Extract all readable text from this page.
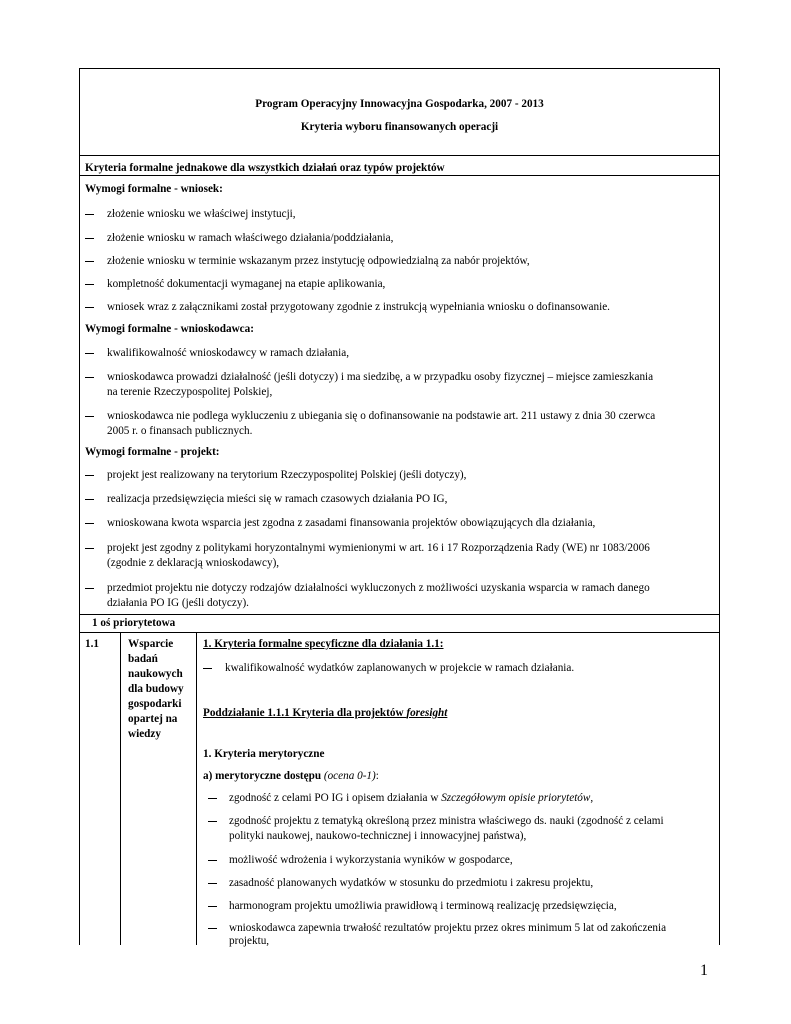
Program Operacyjny Innowacyjna Gospodarka, 2007 - 2013
Kryteria wyboru finansowanych operacji
Kryteria formalne jednakowe dla wszystkich działań oraz typów projektów
Wymogi formalne - wniosek:
złożenie wniosku we właściwej instytucji,
złożenie wniosku w ramach właściwego działania/poddziałania,
złożenie wniosku w terminie wskazanym przez instytucję odpowiedzialną za nabór projektów,
kompletność dokumentacji wymaganej na etapie aplikowania,
wniosek wraz z załącznikami został przygotowany zgodnie z instrukcją wypełniania wniosku o dofinansowanie.
Wymogi formalne - wnioskodawca:
kwalifikowalność wnioskodawcy w ramach działania,
wnioskodawca prowadzi działalność (jeśli dotyczy) i ma siedzibę, a w przypadku osoby fizycznej – miejsce zamieszkania
na terenie Rzeczypospolitej Polskiej,
wnioskodawca nie podlega wykluczeniu z ubiegania się o dofinansowanie na podstawie art. 211 ustawy z dnia 30 czerwca
2005 r. o finansach publicznych.
Wymogi formalne - projekt:
projekt jest realizowany na terytorium Rzeczypospolitej Polskiej (jeśli dotyczy),
realizacja przedsięwzięcia mieści się w ramach czasowych działania PO IG,
wnioskowana kwota wsparcia jest zgodna z zasadami finansowania projektów obowiązujących dla działania,
projekt jest zgodny z politykami horyzontalnymi wymienionymi w art. 16 i 17 Rozporządzenia Rady (WE) nr 1083/2006
(zgodnie z deklaracją wnioskodawcy),
przedmiot projektu nie dotyczy rodzajów działalności wykluczonych z możliwości uzyskania wsparcia w ramach danego
działania PO IG (jeśli dotyczy).
1 oś priorytetowa
1.1	Wsparcie
badań
naukowych
dla budowy
gospodarki
opartej na
wiedzy
1. Kryteria formalne specyficzne dla działania 1.1:
kwalifikowalność wydatków zaplanowanych w projekcie w ramach działania.
Poddziałanie 1.1.1 Kryteria dla projektów foresight
1. Kryteria merytoryczne
a) merytoryczne dostępu (ocena 0-1):
zgodność z celami PO IG i opisem działania w Szczegółowym opisie priorytetów,
zgodność projektu z tematyką określoną przez ministra właściwego ds. nauki (zgodność z celami
polityki naukowej, naukowo-technicznej i innowacyjnej państwa),
możliwość wdrożenia i wykorzystania wyników w gospodarce,
zasadność planowanych wydatków w stosunku do przedmiotu i zakresu projektu,
harmonogram projektu umożliwia prawidłową i terminową realizację przedsięwzięcia,
wnioskodawca zapewnia trwałość rezultatów projektu przez okres minimum 5 lat od zakończenia
projektu,
1
